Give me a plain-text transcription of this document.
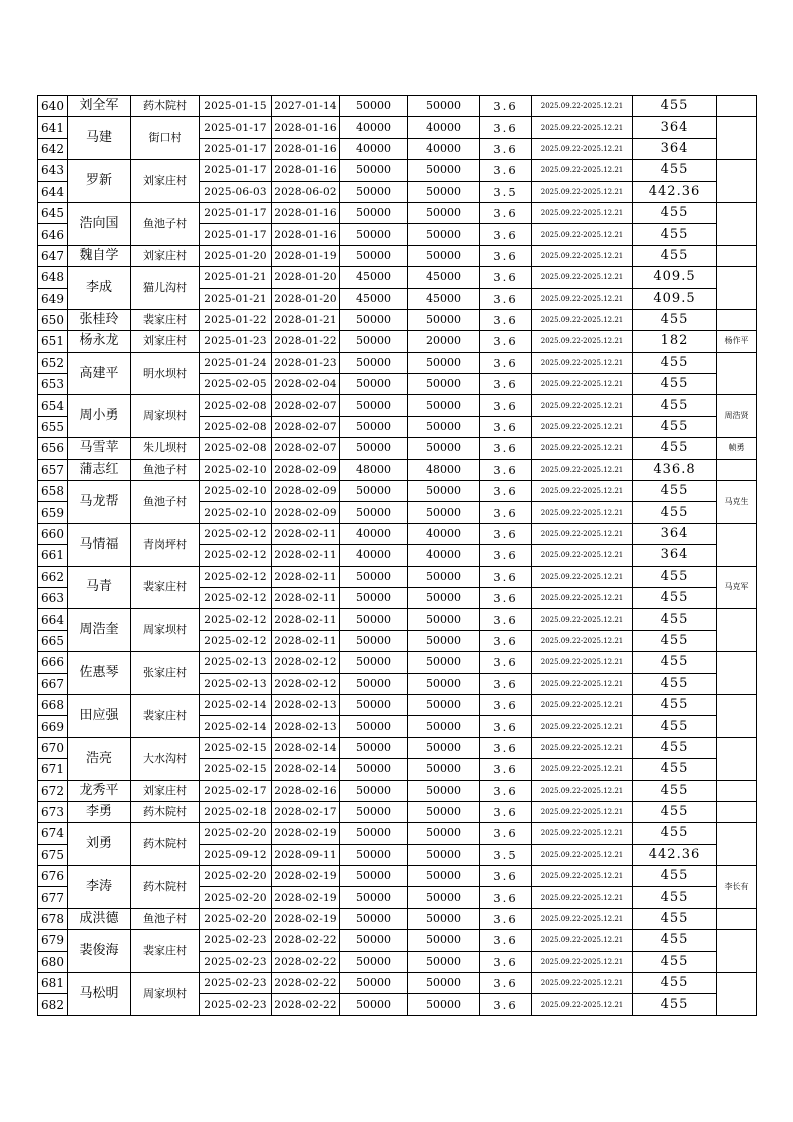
640	刘全军	药木院村	2025-01-15	2027-01-14	50000	50000	3.6	2025.09.22-2025.12.21	455	
641	马建	街口村	2025-01-17	2028-01-16	40000	40000	3.6	2025.09.22-2025.12.21	364	
642			2025-01-17	2028-01-16	40000	40000	3.6	2025.09.22-2025.12.21	364	
643	罗新	刘家庄村	2025-01-17	2028-01-16	50000	50000	3.6	2025.09.22-2025.12.21	455	
644			2025-06-03	2028-06-02	50000	50000	3.5	2025.09.22-2025.12.21	442.36	
645	浩向国	鱼池子村	2025-01-17	2028-01-16	50000	50000	3.6	2025.09.22-2025.12.21	455	
646			2025-01-17	2028-01-16	50000	50000	3.6	2025.09.22-2025.12.21	455	
647	魏自学	刘家庄村	2025-01-20	2028-01-19	50000	50000	3.6	2025.09.22-2025.12.21	455	
648	李成	猫儿沟村	2025-01-21	2028-01-20	45000	45000	3.6	2025.09.22-2025.12.21	409.5	
649			2025-01-21	2028-01-20	45000	45000	3.6	2025.09.22-2025.12.21	409.5	
650	张桂玲	裴家庄村	2025-01-22	2028-01-21	50000	50000	3.6	2025.09.22-2025.12.21	455	
651	杨永龙	刘家庄村	2025-01-23	2028-01-22	50000	20000	3.6	2025.09.22-2025.12.21	182	杨作平
652	高建平	明水坝村	2025-01-24	2028-01-23	50000	50000	3.6	2025.09.22-2025.12.21	455	
653			2025-02-05	2028-02-04	50000	50000	3.6	2025.09.22-2025.12.21	455	
654	周小勇	周家坝村	2025-02-08	2028-02-07	50000	50000	3.6	2025.09.22-2025.12.21	455	周浩贤
655			2025-02-08	2028-02-07	50000	50000	3.6	2025.09.22-2025.12.21	455	
656	马雪苹	朱儿坝村	2025-02-08	2028-02-07	50000	50000	3.6	2025.09.22-2025.12.21	455	帧勇
657	蒲志红	鱼池子村	2025-02-10	2028-02-09	48000	48000	3.6	2025.09.22-2025.12.21	436.8	
658	马龙帮	鱼池子村	2025-02-10	2028-02-09	50000	50000	3.6	2025.09.22-2025.12.21	455	马克生
659			2025-02-10	2028-02-09	50000	50000	3.6	2025.09.22-2025.12.21	455	
660	马情福	青岗坪村	2025-02-12	2028-02-11	40000	40000	3.6	2025.09.22-2025.12.21	364	
661			2025-02-12	2028-02-11	40000	40000	3.6	2025.09.22-2025.12.21	364	
662	马青	裴家庄村	2025-02-12	2028-02-11	50000	50000	3.6	2025.09.22-2025.12.21	455	马克军
663			2025-02-12	2028-02-11	50000	50000	3.6	2025.09.22-2025.12.21	455	
664	周浩奎	周家坝村	2025-02-12	2028-02-11	50000	50000	3.6	2025.09.22-2025.12.21	455	
665			2025-02-12	2028-02-11	50000	50000	3.6	2025.09.22-2025.12.21	455	
666	佐惠琴	张家庄村	2025-02-13	2028-02-12	50000	50000	3.6	2025.09.22-2025.12.21	455	
667			2025-02-13	2028-02-12	50000	50000	3.6	2025.09.22-2025.12.21	455	
668	田应强	裴家庄村	2025-02-14	2028-02-13	50000	50000	3.6	2025.09.22-2025.12.21	455	
669			2025-02-14	2028-02-13	50000	50000	3.6	2025.09.22-2025.12.21	455	
670	浩亮	大水沟村	2025-02-15	2028-02-14	50000	50000	3.6	2025.09.22-2025.12.21	455	
671			2025-02-15	2028-02-14	50000	50000	3.6	2025.09.22-2025.12.21	455	
672	龙秀平	刘家庄村	2025-02-17	2028-02-16	50000	50000	3.6	2025.09.22-2025.12.21	455	
673	李勇	药木院村	2025-02-18	2028-02-17	50000	50000	3.6	2025.09.22-2025.12.21	455	
674	刘勇	药木院村	2025-02-20	2028-02-19	50000	50000	3.6	2025.09.22-2025.12.21	455	
675			2025-09-12	2028-09-11	50000	50000	3.5	2025.09.22-2025.12.21	442.36	
676	李涛	药木院村	2025-02-20	2028-02-19	50000	50000	3.6	2025.09.22-2025.12.21	455	李长有
677			2025-02-20	2028-02-19	50000	50000	3.6	2025.09.22-2025.12.21	455	
678	成洪德	鱼池子村	2025-02-20	2028-02-19	50000	50000	3.6	2025.09.22-2025.12.21	455	
679	裴俊海	裴家庄村	2025-02-23	2028-02-22	50000	50000	3.6	2025.09.22-2025.12.21	455	
680			2025-02-23	2028-02-22	50000	50000	3.6	2025.09.22-2025.12.21	455	
681	马松明	周家坝村	2025-02-23	2028-02-22	50000	50000	3.6	2025.09.22-2025.12.21	455	
682			2025-02-23	2028-02-22	50000	50000	3.6	2025.09.22-2025.12.21	455	
